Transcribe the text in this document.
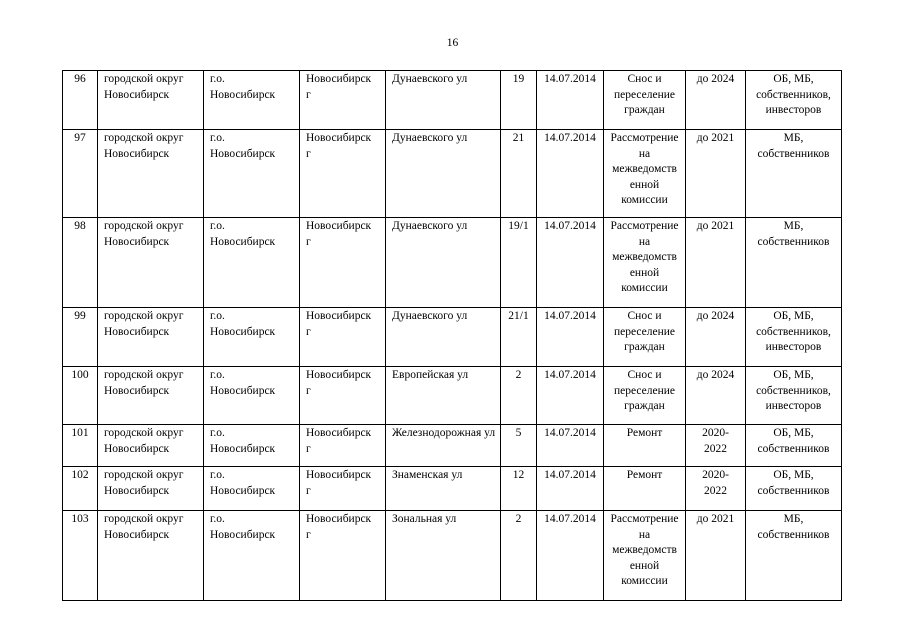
16
96	городской округ Новосибирск	г.о. Новосибирск	Новосибирск г	Дунаевского ул	19	14.07.2014	Снос и переселение граждан	до 2024	ОБ, МБ, собственников, инвесторов

97	городской округ Новосибирск	г.о. Новосибирск	Новосибирск г	Дунаевского ул	21	14.07.2014	Рассмотрение на межведомственной комиссии	до 2021	МБ, собственников

98	городской округ Новосибирск	г.о. Новосибирск	Новосибирск г	Дунаевского ул	19/1	14.07.2014	Рассмотрение на межведомственной комиссии	до 2021	МБ, собственников

99	городской округ Новосибирск	г.о. Новосибирск	Новосибирск г	Дунаевского ул	21/1	14.07.2014	Снос и переселение граждан	до 2024	ОБ, МБ, собственников, инвесторов

100	городской округ Новосибирск	г.о. Новосибирск	Новосибирск г	Европейская ул	2	14.07.2014	Снос и переселение граждан	до 2024	ОБ, МБ, собственников, инвесторов

101	городской округ Новосибирск	г.о. Новосибирск	Новосибирск г	Железнодорожная ул	5	14.07.2014	Ремонт	2020-2022	ОБ, МБ, собственников

102	городской округ Новосибирск	г.о. Новосибирск	Новосибирск г	Знаменская ул	12	14.07.2014	Ремонт	2020-2022	ОБ, МБ, собственников

103	городской округ Новосибирск	г.о. Новосибирск	Новосибирск г	Зональная ул	2	14.07.2014	Рассмотрение на межведомственной комиссии	до 2021	МБ, собственников
